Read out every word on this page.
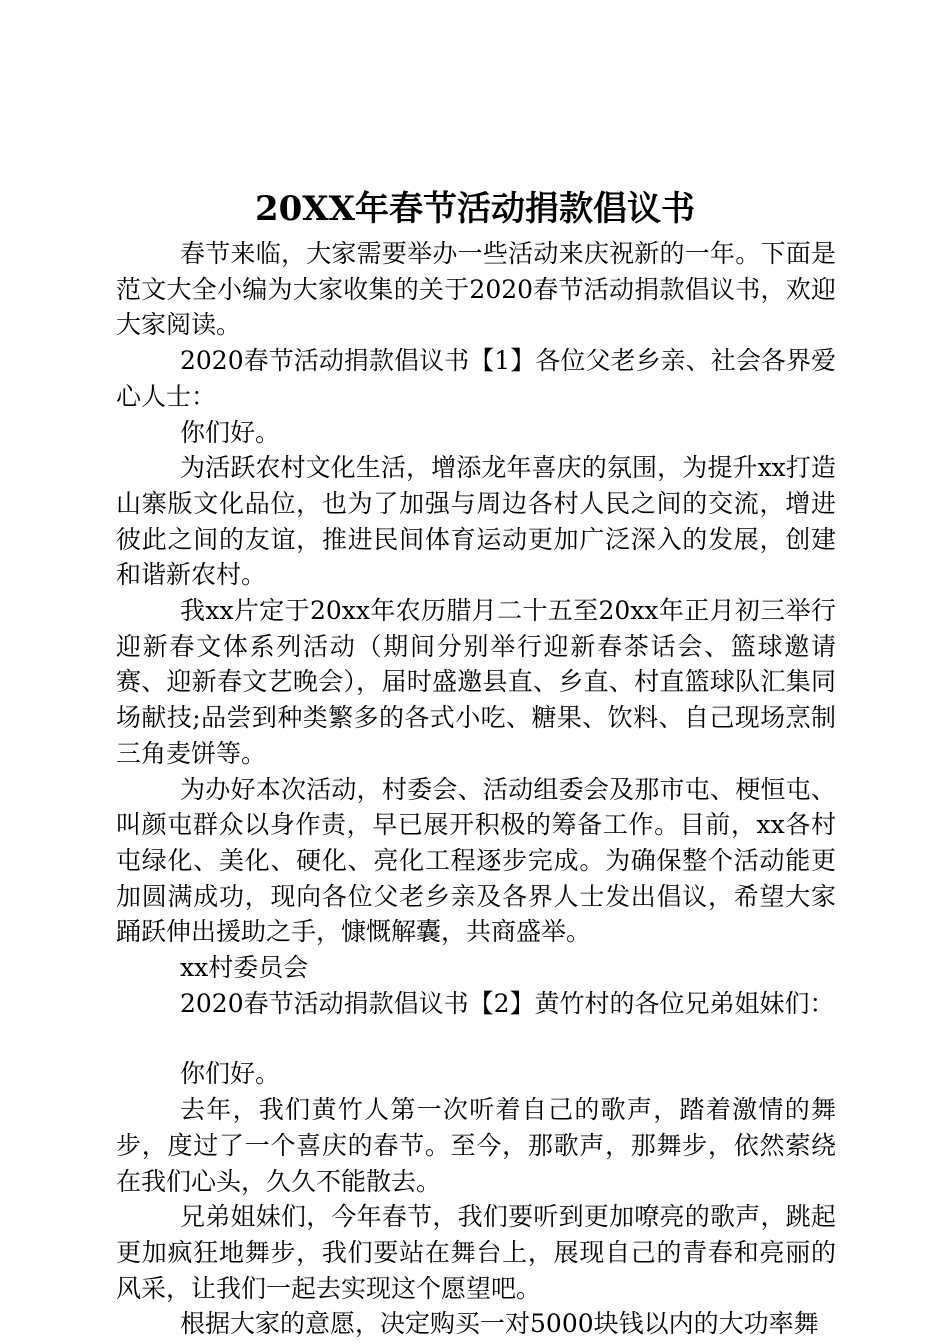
20XX年春节活动捐款倡议书

春节来临，大家需要举办一些活动来庆祝新的一年。下面是范文大全小编为大家收集的关于2020春节活动捐款倡议书，欢迎大家阅读。

2020春节活动捐款倡议书【1】各位父老乡亲、社会各界爱心人士：

你们好。

为活跃农村文化生活，增添龙年喜庆的氛围，为提升xx打造山寨版文化品位，也为了加强与周边各村人民之间的交流，增进彼此之间的友谊，推进民间体育运动更加广泛深入的发展，创建和谐新农村。

我xx片定于20xx年农历腊月二十五至20xx年正月初三举行迎新春文体系列活动（期间分别举行迎新春茶话会、篮球邀请赛、迎新春文艺晚会），届时盛邀县直、乡直、村直篮球队汇集同场献技;品尝到种类繁多的各式小吃、糖果、饮料、自己现场烹制三角麦饼等。

为办好本次活动，村委会、活动组委会及那市屯、梗恒屯、叫颜屯群众以身作责，早已展开积极的筹备工作。目前，xx各村屯绿化、美化、硬化、亮化工程逐步完成。为确保整个活动能更加圆满成功，现向各位父老乡亲及各界人士发出倡议，希望大家踊跃伸出援助之手，慷慨解囊，共商盛举。

xx村委员会

2020春节活动捐款倡议书【2】黄竹村的各位兄弟姐妹们：

你们好。

去年，我们黄竹人第一次听着自己的歌声，踏着激情的舞步，度过了一个喜庆的春节。至今，那歌声，那舞步，依然萦绕在我们心头，久久不能散去。

兄弟姐妹们，今年春节，我们要听到更加嘹亮的歌声，跳起更加疯狂地舞步，我们要站在舞台上，展现自己的青春和亮丽的风采，让我们一起去实现这个愿望吧。

根据大家的意愿，决定购买一对5000块钱以内的大功率舞
